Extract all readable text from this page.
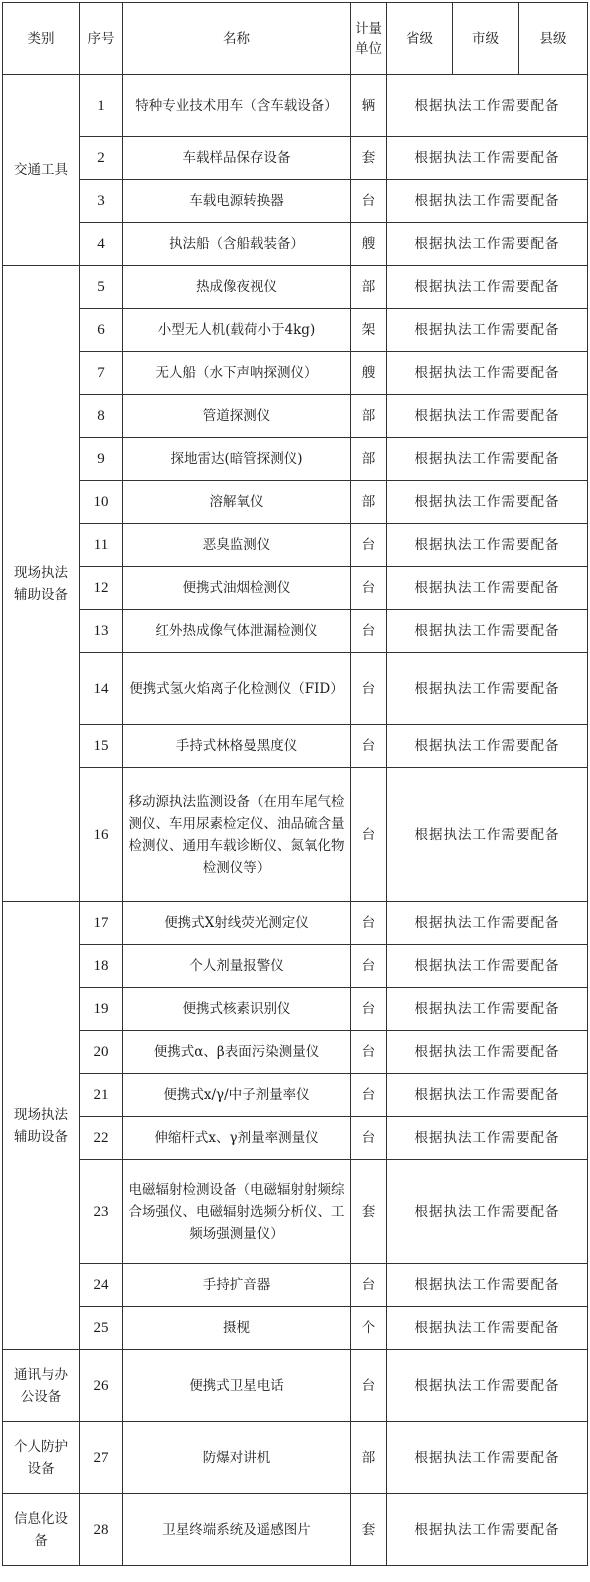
类别	序号	名称	计量单位	省级	市级	县级
交通工具	1	特种专业技术用车（含车载设备）	辆	根据执法工作需要配备		
	2	车载样品保存设备	套	根据执法工作需要配备		
	3	车载电源转换器	台	根据执法工作需要配备		
	4	执法船（含船载装备）	艘	根据执法工作需要配备		
现场执法辅助设备	5	热成像夜视仪	部	根据执法工作需要配备		
	6	小型无人机(载荷小于4kg)	架	根据执法工作需要配备		
	7	无人船（水下声呐探测仪）	艘	根据执法工作需要配备		
	8	管道探测仪	部	根据执法工作需要配备		
	9	探地雷达(暗管探测仪)	部	根据执法工作需要配备		
	10	溶解氧仪	部	根据执法工作需要配备		
	11	恶臭监测仪	台	根据执法工作需要配备		
	12	便携式油烟检测仪	台	根据执法工作需要配备		
	13	红外热成像气体泄漏检测仪	台	根据执法工作需要配备		
	14	便携式氢火焰离子化检测仪（FID）	台	根据执法工作需要配备		
	15	手持式林格曼黑度仪	台	根据执法工作需要配备		
	16	移动源执法监测设备（在用车尾气检测仪、车用尿素检定仪、油品硫含量检测仪、通用车载诊断仪、氮氧化物检测仪等）	台	根据执法工作需要配备		
现场执法辅助设备	17	便携式X射线荧光测定仪	台	根据执法工作需要配备		
	18	个人剂量报警仪	台	根据执法工作需要配备		
	19	便携式核素识别仪	台	根据执法工作需要配备		
	20	便携式α、β表面污染测量仪	台	根据执法工作需要配备		
	21	便携式x/γ/中子剂量率仪	台	根据执法工作需要配备		
	22	伸缩杆式x、γ剂量率测量仪	台	根据执法工作需要配备		
	23	电磁辐射检测设备（电磁辐射射频综合场强仪、电磁辐射选频分析仪、工频场强测量仪）	套	根据执法工作需要配备		
	24	手持扩音器	台	根据执法工作需要配备		
	25	摄枧	个	根据执法工作需要配备		
通讯与办公设备	26	便携式卫星电话	台	根据执法工作需要配备		
个人防护设备	27	防爆对讲机	部	根据执法工作需要配备		
信息化设备	28	卫星终端系统及遥感图片	套	根据执法工作需要配备		
